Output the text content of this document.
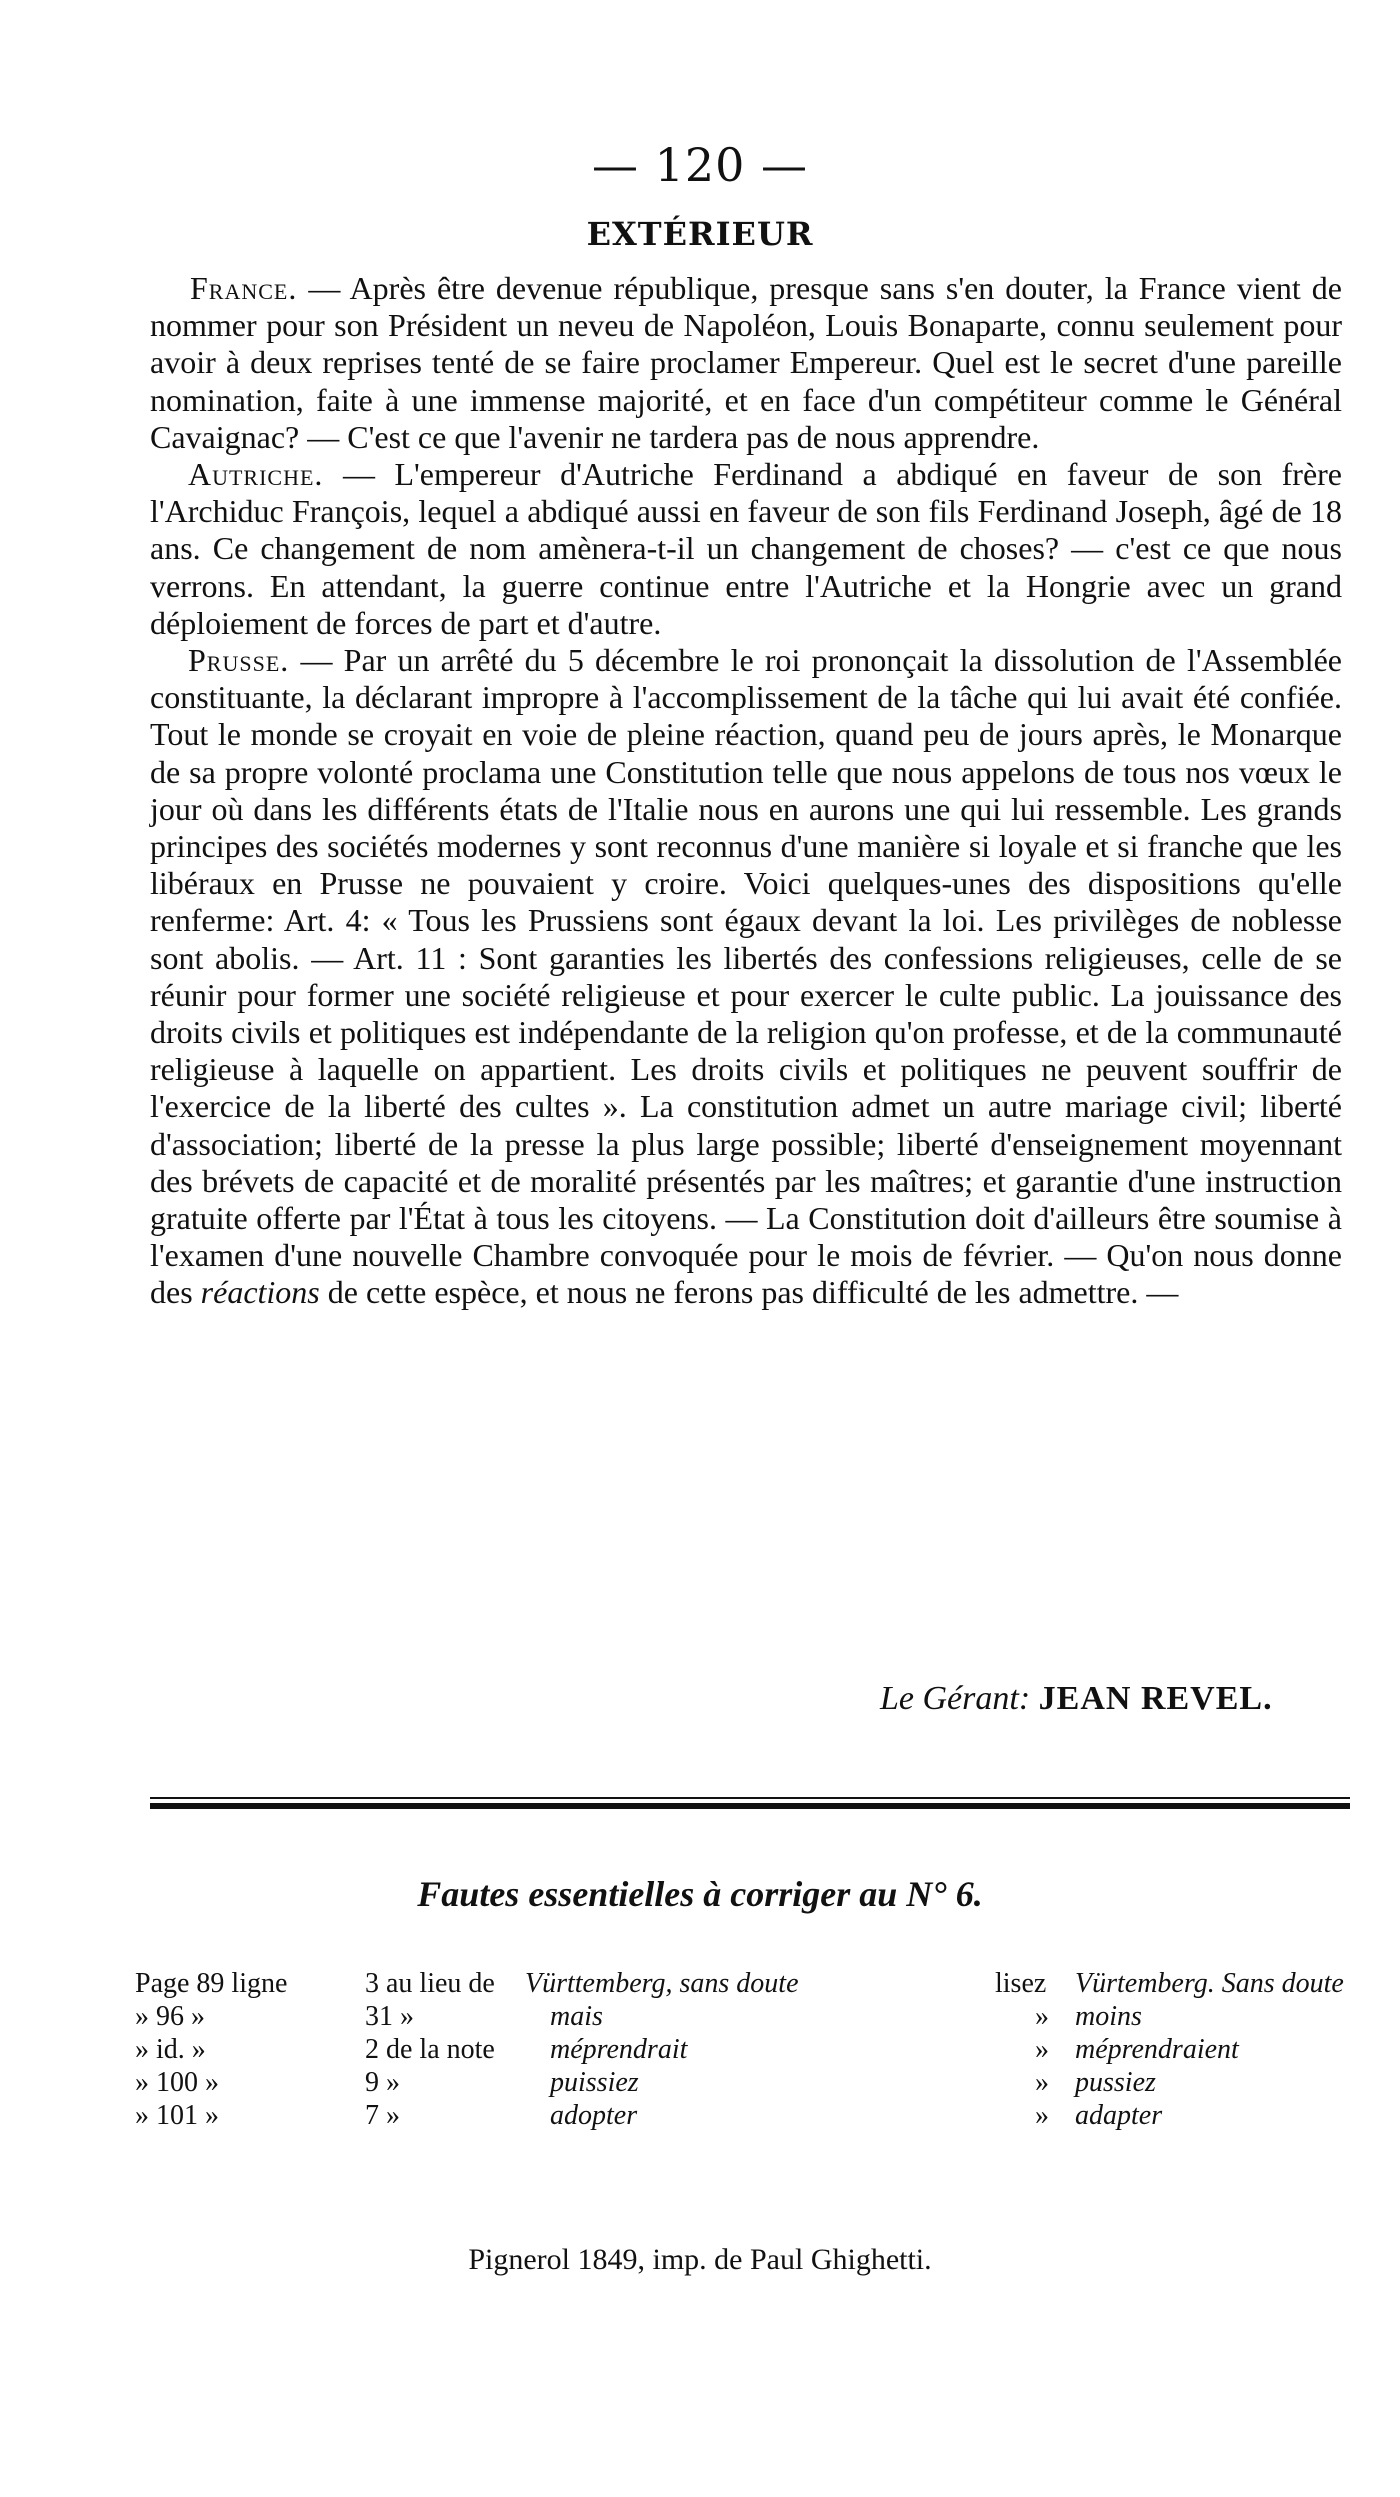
— 120 —
EXTÉRIEUR

France. — Après être devenue république, presque sans s'en douter, la France vient de nommer pour son Président un neveu de Napoléon, Louis Bonaparte, connu seulement pour avoir à deux reprises tenté de se faire proclamer Empereur. Quel est le secret d'une pareille nomination, faite à une immense majorité, et en face d'un compétiteur comme le Général Cavaignac? — C'est ce que l'avenir ne tardera pas de nous apprendre.

Autriche. — L'empereur d'Autriche Ferdinand a abdiqué en faveur de son frère l'Archiduc François, lequel a abdiqué aussi en faveur de son fils Ferdinand Joseph, âgé de 18 ans. Ce changement de nom amènera-t-il un changement de choses? — c'est ce que nous verrons. En attendant, la guerre continue entre l'Autriche et la Hongrie avec un grand déploiement de forces de part et d'autre.

Prusse. — Par un arrêté du 5 décembre le roi prononçait la dissolution de l'Assemblée constituante, la déclarant impropre à l'accomplissement de la tâche qui lui avait été confiée. Tout le monde se croyait en voie de pleine réaction, quand peu de jours après, le Monarque de sa propre volonté proclama une Constitution telle que nous appelons de tous nos vœux le jour où dans les différents états de l'Italie nous en aurons une qui lui ressemble. Les grands principes des sociétés modernes y sont reconnus d'une manière si loyale et si franche que les libéraux en Prusse ne pouvaient y croire. Voici quelques-unes des dispositions qu'elle renferme: Art. 4: « Tous les Prussiens sont égaux devant la loi. Les privilèges de noblesse sont abolis. — Art. 11 : Sont garanties les libertés des confessions religieuses, celle de se réunir pour former une société religieuse et pour exercer le culte public. La jouissance des droits civils et politiques est indépendante de la religion qu'on professe, et de la communauté religieuse à laquelle on appartient. Les droits civils et politiques ne peuvent souffrir de l'exercice de la liberté des cultes ». La constitution admet un autre mariage civil; liberté d'association; liberté de la presse la plus large possible; liberté d'enseignement moyennant des brévets de capacité et de moralité présentés par les maîtres; et garantie d'une instruction gratuite offerte par l'État à tous les citoyens. — La Constitution doit d'ailleurs être soumise à l'examen d'une nouvelle Chambre convoquée pour le mois de février. — Qu'on nous donne des réactions de cette espèce, et nous ne ferons pas difficulté de les admettre. —

Le Gérant: JEAN REVEL.
Fautes essentielles à corriger au N° 6.
Page 89 ligne	3 au lieu de	Vürttemberg, sans doute	lisez	Vürtemberg. Sans doute
» 96 »	31 »	mais	» moins
» id. »	2 de la note	méprendrait	» méprendraient
» 100 »	9 »	puissiez	» pussiez
» 101 »	7 »	adopter	» adapter
Pignerol 1849, imp. de Paul Ghighetti.
